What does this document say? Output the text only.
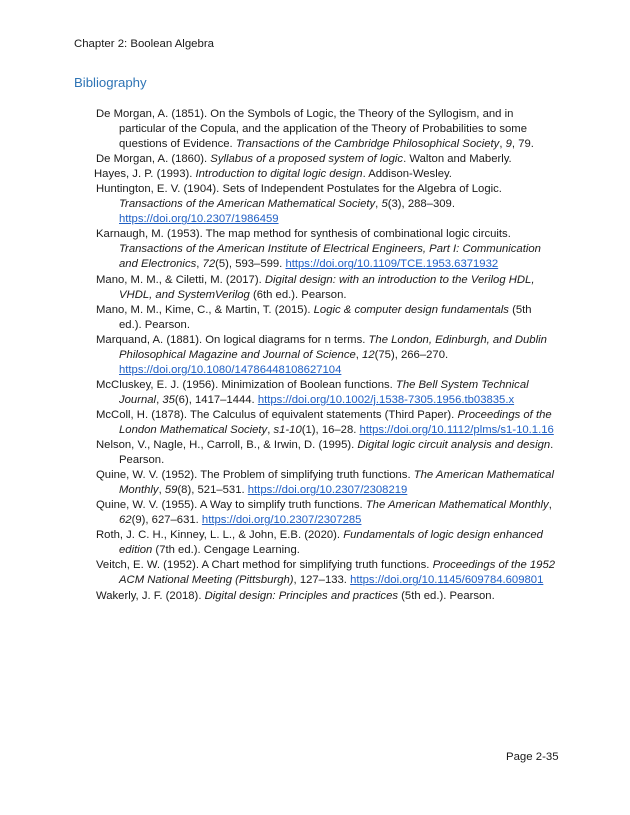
Chapter 2: Boolean Algebra
Bibliography

De Morgan, A. (1851). On the Symbols of Logic, the Theory of the Syllogism, and in particular of the Copula, and the application of the Theory of Probabilities to some questions of Evidence. Transactions of the Cambridge Philosophical Society, 9, 79.

De Morgan, A. (1860). Syllabus of a proposed system of logic. Walton and Maberly.

Hayes, J. P. (1993). Introduction to digital logic design. Addison-Wesley.

Huntington, E. V. (1904). Sets of Independent Postulates for the Algebra of Logic. Transactions of the American Mathematical Society, 5(3), 288–309. https://doi.org/10.2307/1986459

Karnaugh, M. (1953). The map method for synthesis of combinational logic circuits. Transactions of the American Institute of Electrical Engineers, Part I: Communication and Electronics, 72(5), 593–599. https://doi.org/10.1109/TCE.1953.6371932

Mano, M. M., & Ciletti, M. (2017). Digital design: with an introduction to the Verilog HDL, VHDL, and SystemVerilog (6th ed.). Pearson.

Mano, M. M., Kime, C., & Martin, T. (2015). Logic & computer design fundamentals (5th ed.). Pearson.

Marquand, A. (1881). On logical diagrams for n terms. The London, Edinburgh, and Dublin Philosophical Magazine and Journal of Science, 12(75), 266–270. https://doi.org/10.1080/14786448108627104

McCluskey, E. J. (1956). Minimization of Boolean functions. The Bell System Technical Journal, 35(6), 1417–1444. https://doi.org/10.1002/j.1538-7305.1956.tb03835.x

McColl, H. (1878). The Calculus of equivalent statements (Third Paper). Proceedings of the London Mathematical Society, s1-10(1), 16–28. https://doi.org/10.1112/plms/s1-10.1.16

Nelson, V., Nagle, H., Carroll, B., & Irwin, D. (1995). Digital logic circuit analysis and design. Pearson.

Quine, W. V. (1952). The Problem of simplifying truth functions. The American Mathematical Monthly, 59(8), 521–531. https://doi.org/10.2307/2308219

Quine, W. V. (1955). A Way to simplify truth functions. The American Mathematical Monthly, 62(9), 627–631. https://doi.org/10.2307/2307285

Roth, J. C. H., Kinney, L. L., & John, E.B. (2020). Fundamentals of logic design enhanced edition (7th ed.). Cengage Learning.

Veitch, E. W. (1952). A Chart method for simplifying truth functions. Proceedings of the 1952 ACM National Meeting (Pittsburgh), 127–133. https://doi.org/10.1145/609784.609801

Wakerly, J. F. (2018). Digital design: Principles and practices (5th ed.). Pearson.

Page 2-35
